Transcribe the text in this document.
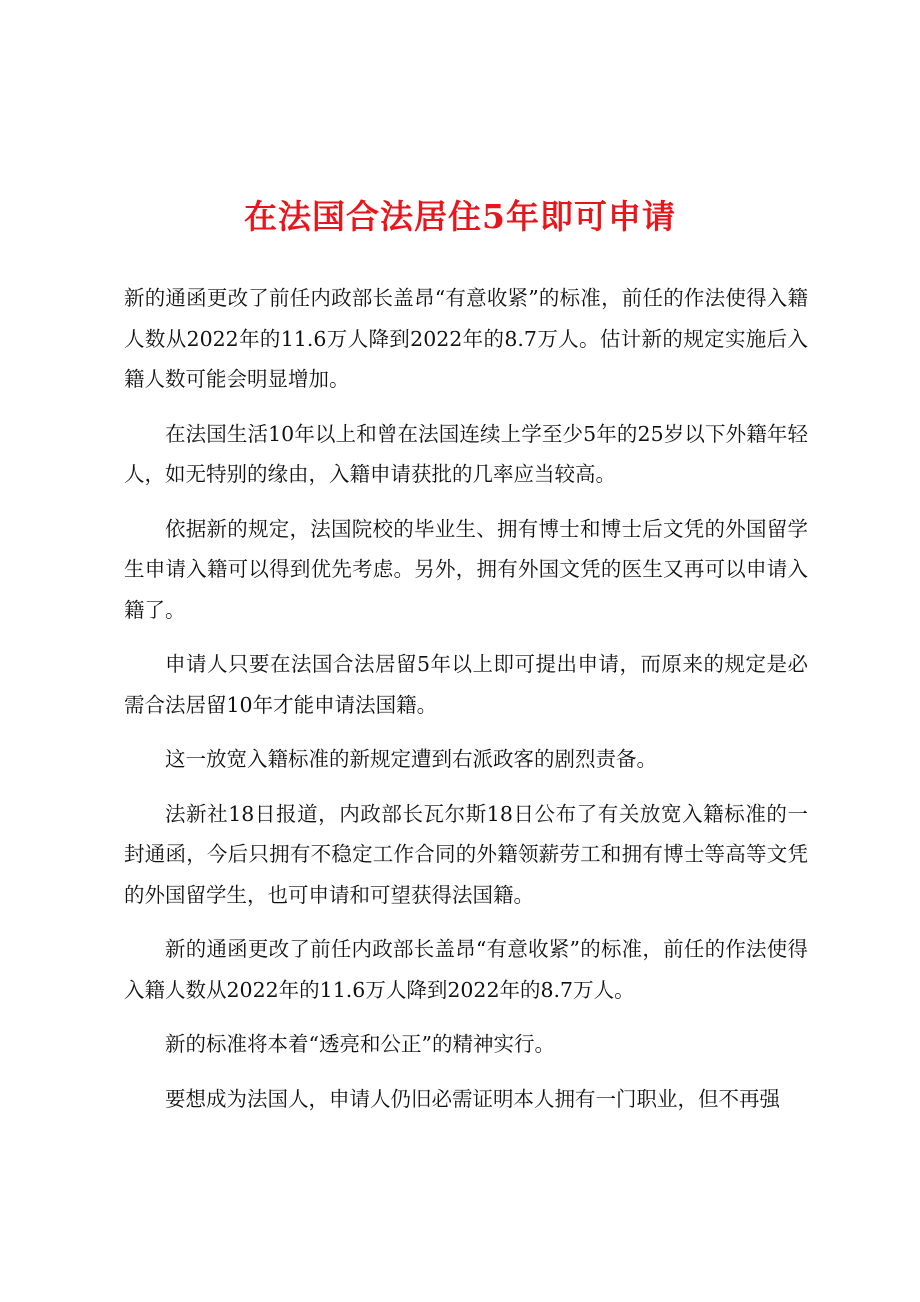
在法国合法居住5年即可申请

新的通函更改了前任内政部长盖昂“有意收紧”的标准，前任的作法使得入籍人数从2022年的11.6万人降到2022年的8.7万人。估计新的规定实施后入籍人数可能会明显增加。

在法国生活10年以上和曾在法国连续上学至少5年的25岁以下外籍年轻人，如无特别的缘由，入籍申请获批的几率应当较高。

依据新的规定，法国院校的毕业生、拥有博士和博士后文凭的外国留学生申请入籍可以得到优先考虑。另外，拥有外国文凭的医生又再可以申请入籍了。

申请人只要在法国合法居留5年以上即可提出申请，而原来的规定是必需合法居留10年才能申请法国籍。

这一放宽入籍标准的新规定遭到右派政客的剧烈责备。

法新社18日报道，内政部长瓦尔斯18日公布了有关放宽入籍标准的一封通函，今后只拥有不稳定工作合同的外籍领薪劳工和拥有博士等高等文凭的外国留学生，也可申请和可望获得法国籍。

新的通函更改了前任内政部长盖昂“有意收紧”的标准，前任的作法使得入籍人数从2022年的11.6万人降到2022年的8.7万人。

新的标准将本着“透亮和公正”的精神实行。

要想成为法国人，申请人仍旧必需证明本人拥有一门职业，但不再强
